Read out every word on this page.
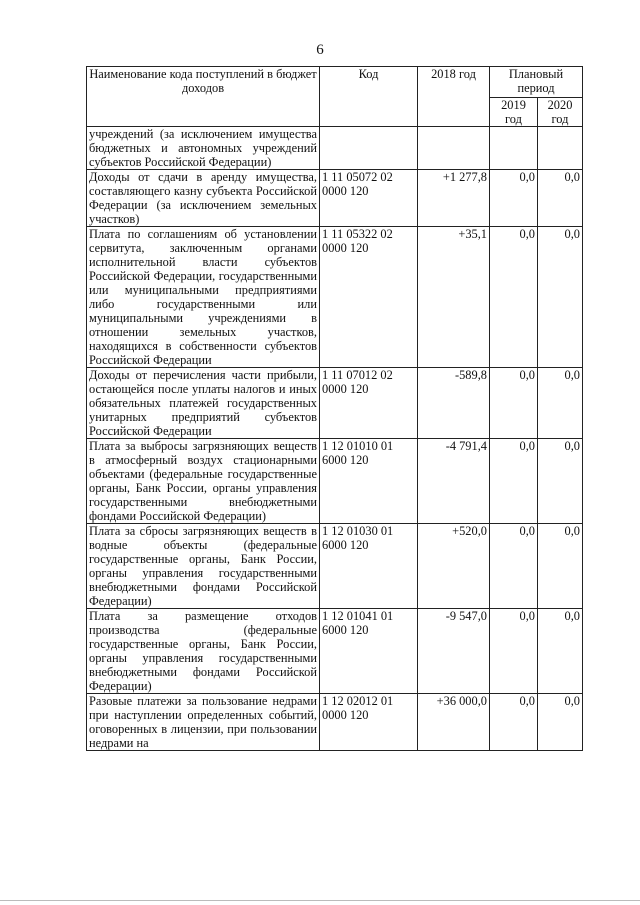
6
Наименование кода поступлений в бюджет доходов	Код	2018 год	Плановый период	
			2019 год	2020 год
учреждений (за исключением имущества бюджетных и автономных учреждений субъектов Российской Федерации)				
Доходы от сдачи в аренду имущества, составляющего казну субъекта Российской Федерации (за исключением земельных участков)	1 11 05072 02 0000 120	+1 277,8	0,0	0,0
Плата по соглашениям об установлении сервитута, заключенным органами исполнительной власти субъектов Российской Федерации, государственными или муниципальными предприятиями либо государственными или муниципальными учреждениями в отношении земельных участков, находящихся в собственности субъектов Российской Федерации	1 11 05322 02 0000 120	+35,1	0,0	0,0
Доходы от перечисления части прибыли, остающейся после уплаты налогов и иных обязательных платежей государственных унитарных предприятий субъектов Российской Федерации	1 11 07012 02 0000 120	-589,8	0,0	0,0
Плата за выбросы загрязняющих веществ в атмосферный воздух стационарными объектами (федеральные государственные органы, Банк России, органы управления государственными внебюджетными фондами Российской Федерации)	1 12 01010 01 6000 120	-4 791,4	0,0	0,0
Плата за сбросы загрязняющих веществ в водные объекты (федеральные государственные органы, Банк России, органы управления государственными внебюджетными фондами Российской Федерации)	1 12 01030 01 6000 120	+520,0	0,0	0,0
Плата за размещение отходов производства (федеральные государственные органы, Банк России, органы управления государственными внебюджетными фондами Российской Федерации)	1 12 01041 01 6000 120	-9 547,0	0,0	0,0
Разовые платежи за пользование недрами при наступлении определенных событий, оговоренных в лицензии, при пользовании недрами на	1 12 02012 01 0000 120	+36 000,0	0,0	0,0
